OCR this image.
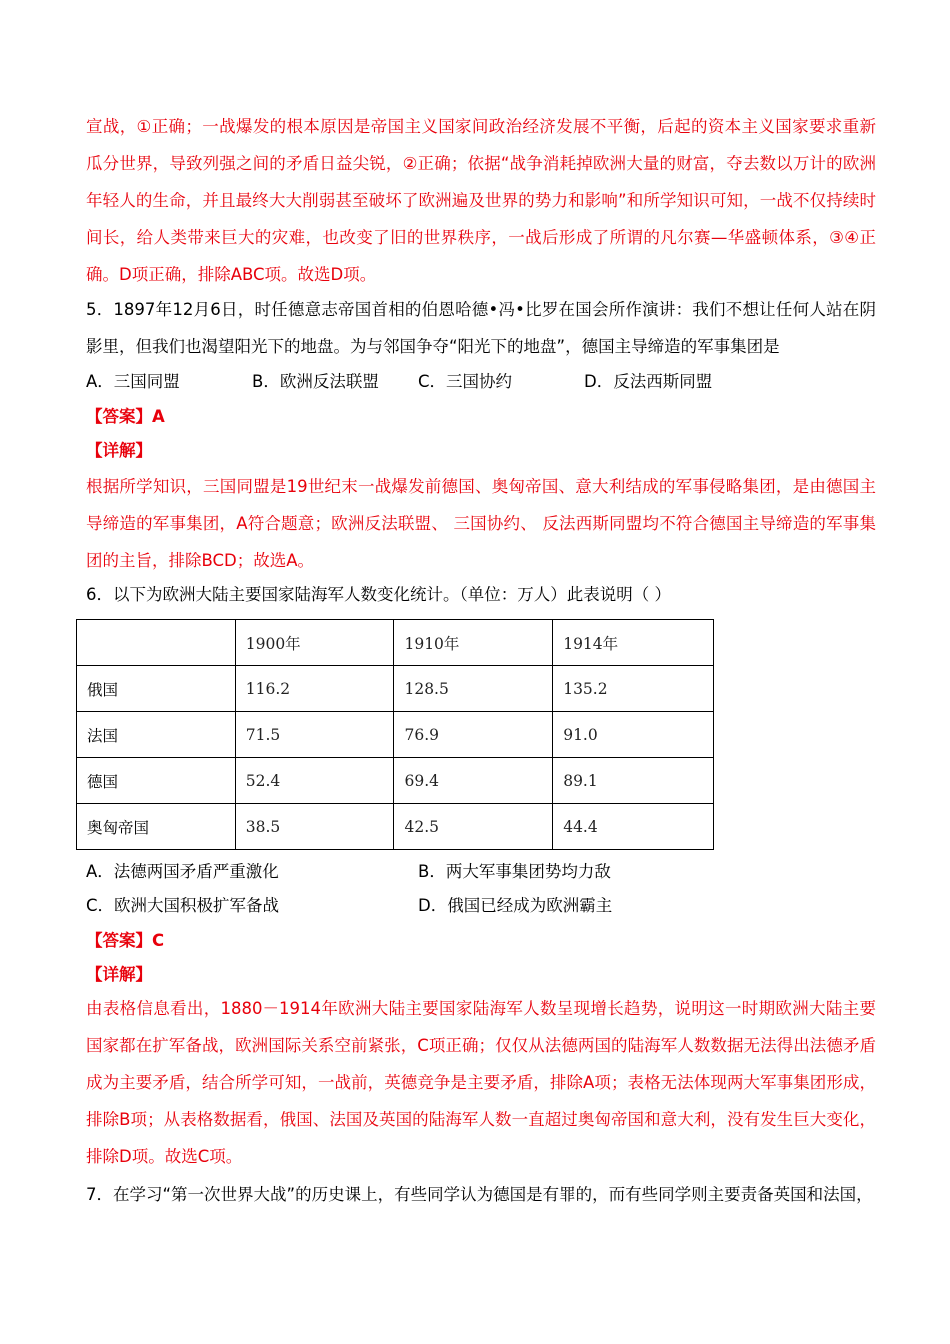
宣战，①正确；一战爆发的根本原因是帝国主义国家间政治经济发展不平衡，后起的资本主义国家要求重新瓜分世界，导致列强之间的矛盾日益尖锐，②正确；依据“战争消耗掉欧洲大量的财富，夺去数以万计的欧洲年轻人的生命，并且最终大大削弱甚至破坏了欧洲遍及世界的势力和影响”和所学知识可知，一战不仅持续时间长，给人类带来巨大的灾难，也改变了旧的世界秩序，一战后形成了所谓的凡尔赛—华盛顿体系，③④正确。D项正确，排除ABC项。故选D项。

5．1897年12月6日，时任德意志帝国首相的伯恩哈德•冯•比罗在国会所作演讲：我们不想让任何人站在阴影里，但我们也渴望阳光下的地盘。为与邻国争夺“阳光下的地盘”，德国主导缔造的军事集团是

A．三国同盟	B．欧洲反法联盟 C．三国协约	D．反法西斯同盟
【答案】A
【详解】

根据所学知识，三国同盟是19世纪末一战爆发前德国、奥匈帝国、意大利结成的军事侵略集团，是由德国主导缔造的军事集团，A符合题意；欧洲反法联盟、 三国协约、 反法西斯同盟均不符合德国主导缔造的军事集团的主旨，排除BCD；故选A。

6．以下为欧洲大陆主要国家陆海军人数变化统计。（单位：万人）此表说明（ ）
	1900年	1910年	1914年
俄国	116.2	128.5	135.2
法国	71.5	76.9	91.0
德国	52.4	69.4	89.1
奥匈帝国	38.5	42.5	44.4
A．法德两国矛盾严重激化	B．两大军事集团势均力敌
C．欧洲大国积极扩军备战	D．俄国已经成为欧洲霸主
【答案】C
【详解】

由表格信息看出，1880－1914年欧洲大陆主要国家陆海军人数呈现增长趋势，说明这一时期欧洲大陆主要国家都在扩军备战，欧洲国际关系空前紧张，C项正确；仅仅从法德两国的陆海军人数数据无法得出法德矛盾成为主要矛盾，结合所学可知，一战前，英德竞争是主要矛盾，排除A项；表格无法体现两大军事集团形成，排除B项；从表格数据看，俄国、法国及英国的陆海军人数一直超过奥匈帝国和意大利，没有发生巨大变化，排除D项。故选C项。

7．在学习“第一次世界大战”的历史课上，有些同学认为德国是有罪的，而有些同学则主要责备英国和法国，
